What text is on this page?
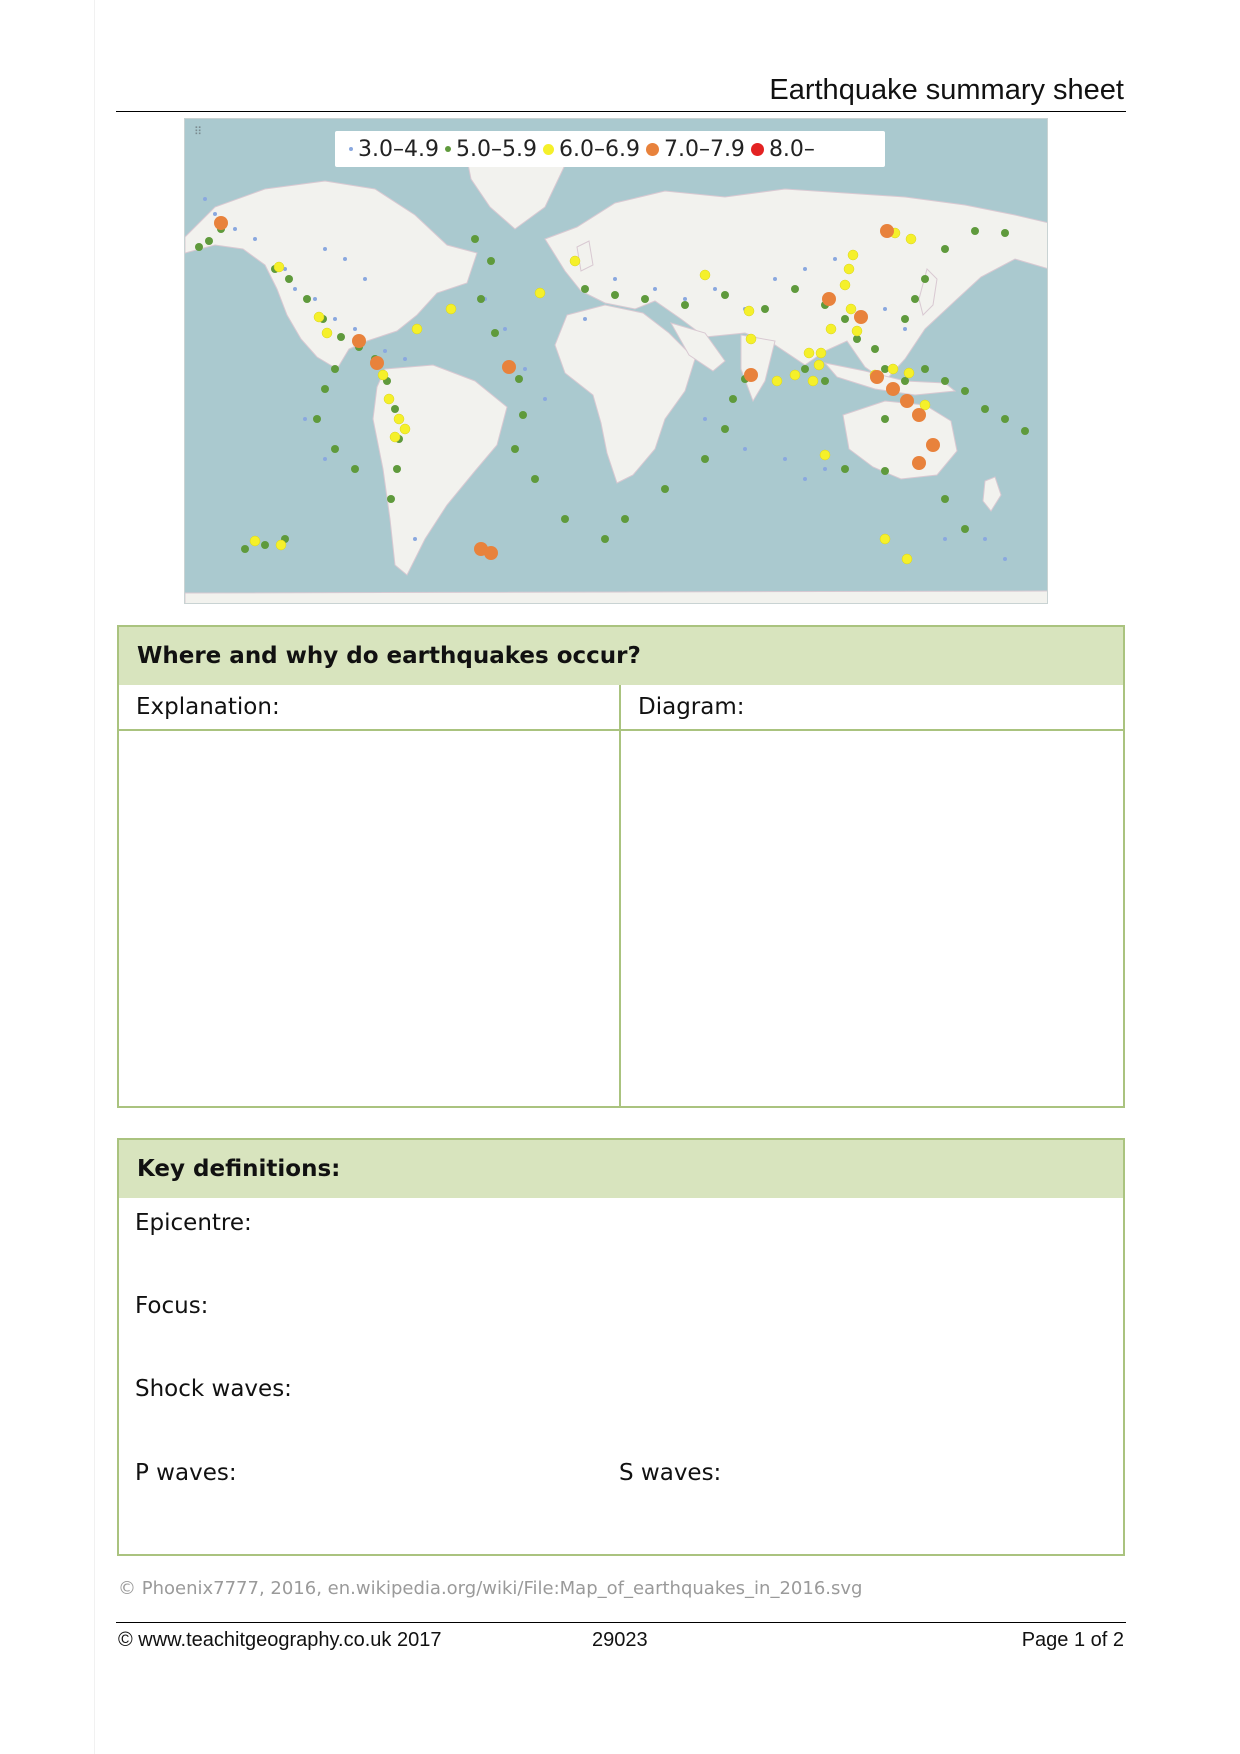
Earthquake summary sheet
⠿
3.0–4.9 5.0–5.9 6.0–6.9 7.0–7.9 8.0–
Where and why do earthquakes occur?
Explanation:	Diagram:
Key definitions:
Epicentre:
Focus:
Shock waves:
P waves:	S waves:
© Phoenix7777, 2016, en.wikipedia.org/wiki/File:Map_of_earthquakes_in_2016.svg
© www.teachitgeography.co.uk 2017	29023	Page 1 of 2
